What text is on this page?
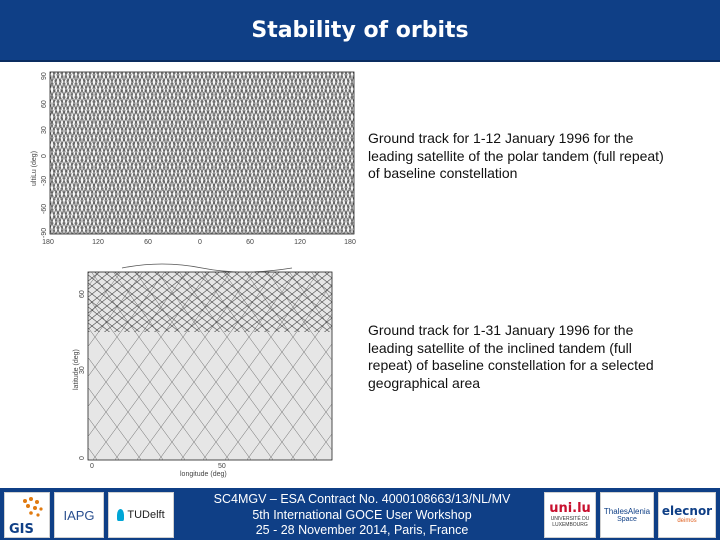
Stability of orbits
ultiLu (deg)
90
60
30
0
-30
-60
-90
180	120	60	0	60	120	180
Ground track for 1-12 January 1996 for the
leading satellite of the polar tandem (full repeat)
of baseline constellation
latitude (deg)
60
30
0
0	50
longitude (deg)
Ground track for 1-31 January 1996 for the
leading satellite of the inclined tandem (full
repeat) of baseline constellation for a selected
geographical area
GIS
IAPG	TUDelft
SC4MGV – ESA Contract No. 4000108663/13/NL/MV
5th International GOCE User Workshop
25 - 28 November 2014, Paris, France
uni.lu
UNIVERSITÉ DU
LUXEMBOURG
ThalesAlenia
Space
elecnor
deimos
